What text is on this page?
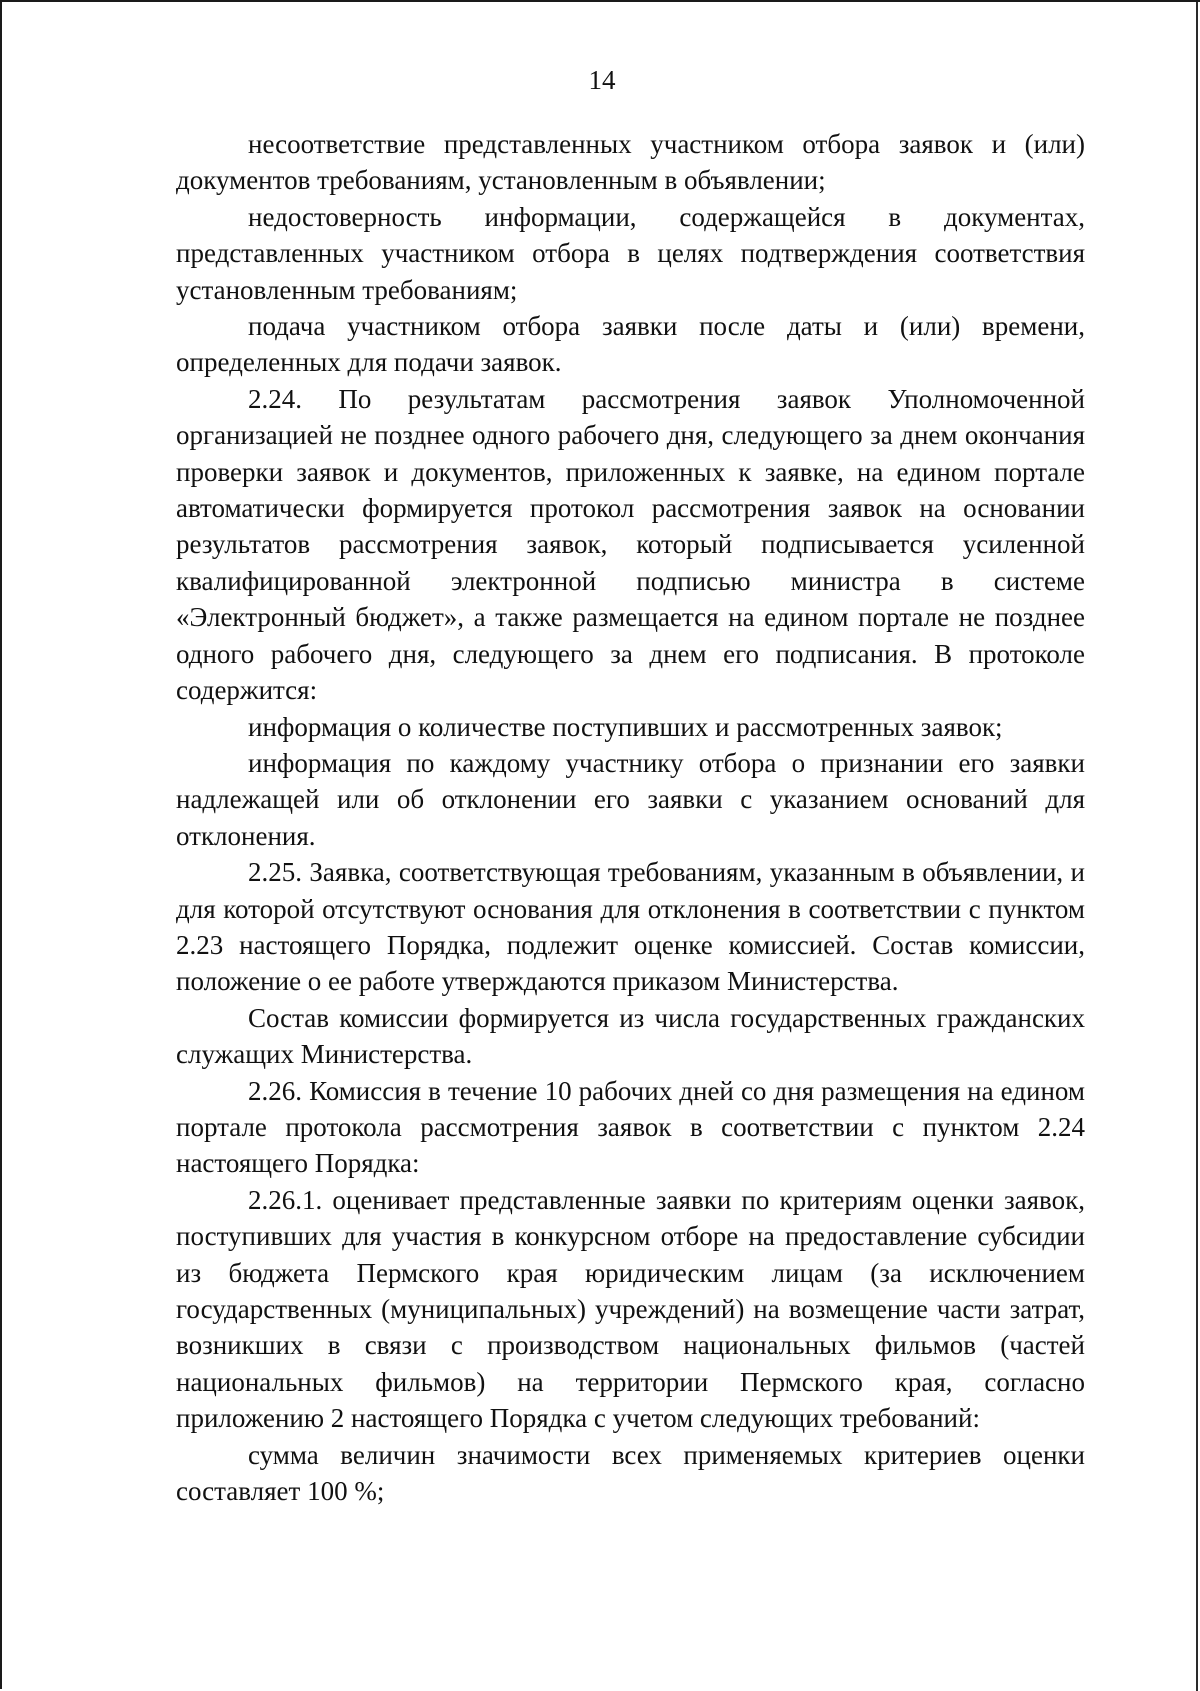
14

несоответствие представленных участником отбора заявок и (или) документов требованиям, установленным в объявлении;

недостоверность информации, содержащейся в документах, представленных участником отбора в целях подтверждения соответствия установленным требованиям;

подача участником отбора заявки после даты и (или) времени, определенных для подачи заявок.

2.24. По результатам рассмотрения заявок Уполномоченной организацией не позднее одного рабочего дня, следующего за днем окончания проверки заявок и документов, приложенных к заявке, на едином портале автоматически формируется протокол рассмотрения заявок на основании результатов рассмотрения заявок, который подписывается усиленной квалифицированной электронной подписью министра в системе «Электронный бюджет», а также размещается на едином портале не позднее одного рабочего дня, следующего за днем его подписания. В протоколе содержится:

информация о количестве поступивших и рассмотренных заявок;

информация по каждому участнику отбора о признании его заявки надлежащей или об отклонении его заявки с указанием оснований для отклонения.

2.25. Заявка, соответствующая требованиям, указанным в объявлении, и для которой отсутствуют основания для отклонения в соответствии с пунктом 2.23 настоящего Порядка, подлежит оценке комиссией. Состав комиссии, положение о ее работе утверждаются приказом Министерства.

Состав комиссии формируется из числа государственных гражданских служащих Министерства.

2.26. Комиссия в течение 10 рабочих дней со дня размещения на едином портале протокола рассмотрения заявок в соответствии с пунктом 2.24 настоящего Порядка:

2.26.1. оценивает представленные заявки по критериям оценки заявок, поступивших для участия в конкурсном отборе на предоставление субсидии из бюджета Пермского края юридическим лицам (за исключением государственных (муниципальных) учреждений) на возмещение части затрат, возникших в связи с производством национальных фильмов (частей национальных фильмов) на территории Пермского края, согласно приложению 2 настоящего Порядка с учетом следующих требований:

сумма величин значимости всех применяемых критериев оценки составляет 100 %;
